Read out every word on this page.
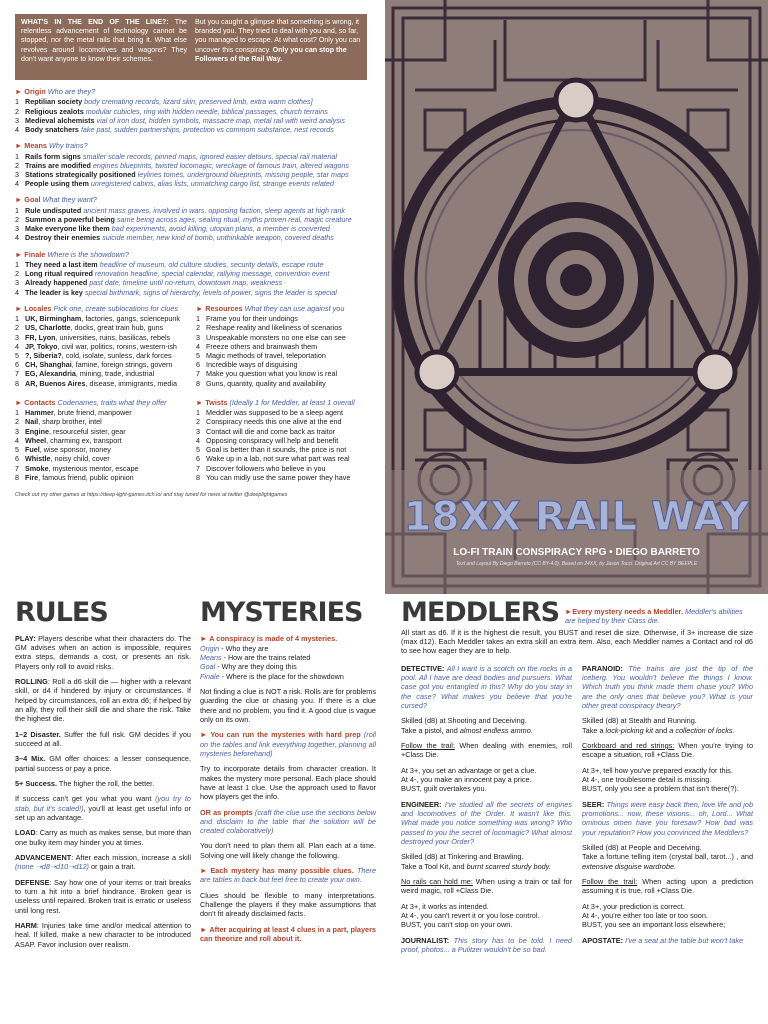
WHAT'S IN THE END OF THE LINE?: The relentless advancement of technology cannot be stopped, nor the metal rails that bring it. What else revolves around locomotives and wagons? They don't want anyone to know their schemes.
But you caught a glimpse that something is wrong, it branded you. They tried to deal with you and, so far, you managed to escape. At what cost? Only you can uncover this conspiracy. Only you can stop the Followers of the Rail Way.
► Origin Who are they?
1 Reptilian society
body cremating records, lizard skin, preserved limb, extra warm clothes]
2 Religious zealots
modular cubicles, ring with hidden needle, biblical passages, church terrains
3 Medieval alchemists
vial of iron dust, hidden symbols, massacre map, metal rail with weird analysis
4 Body snatchers
fake past, sudden partnerships, protection vs commom substance, nest records
► Means Why trains?
1 Rails form signs
smaller scale records, pinned maps, ignored easier detours, special rail material
2 Trains are modified
engines blueprints, twisted locomagic, wreckage of famous train, altered wagons
3 Stations strategically positioned
leylines tomes, underground blueprints, missing people, star maps
4 People using them
unregistered cabins, alias lists, unmatching cargo list, strange events related
► Goal What they want?
1 Rule undisputed
ancient mass graves, involved in wars, opposing faction, sleep agents at high rank
2 Summon a powerful being
same being across ages, sealing ritual, myths proven real, magic creature
3 Make everyone like them
bad experiments, avoid killing, utopian plans, a member is converted
4 Destroy their enemies
suicide member, new kind of bomb, unthinkable weapon, covered deaths
► Finale Where is the showdown?
1 They need a last item
headline of museum, old culture studies, security details, escape route
2 Long ritual required
renovation headline, special calendar, rallying message, convention event
3 Already happened
past date, timeline until no-return, downtown map, weakness
4 The leader is key
special birthmark, signs of hierarchy, levels of power, signs the leader is special
► Locales Pick one, create sublocations for clues
1 UK, Birmingham , factories, gangs, sciencepunk
2 US, Charlotte , docks, great train hub, guns
3 FR, Lyon , universities, ruins, basilicas, rebels
4 JP, Tokyo , civil war, politics, ronins, western-ish
5 ?, Siberia? , cold, isolate, sunless, dark forces
6 CH, Shanghai , famine, foreign strings, govern
7 EG, Alexandria , mining, trade, industrial
8 AR, Buenos Aires , disease, immigrants, media
► Resources What they can use against you
1 Frame you for their undoings
2 Reshape reality and likeliness of scenarios
3 Unspeakable monsters no one else can see
4 Freeze others and brainwash them
5 Magic methods of travel, teleportation
6 Incredible ways of disguising
7 Make you question what you know is real
8 Guns, quantity, quality and availability
► Contacts Codenames, traits what they offer
1 Hammer , brute friend, manpower
2 Nail , sharp brother, intel
3 Engine , resourceful sister, gear
4 Wheel , charming ex, transport
5 Fuel , wise sponsor, money
6 Whistle , noisy child, cover
7 Smoke , mysterious mentor, escape
8 Fire , famous friend, public opinion
► Twists (Ideally 1 for Meddler, at least 1 overall
1 Meddler was supposed to be a sleep agent
2 Conspiracy needs this one alive at the end
3 Contact will die and come back as traitor
4 Opposing conspiracy will help and benefit
5 Goal is better than it sounds, the price is not
6 Wake up in a lab, not sure what part was real
7 Discover followers who believe in you
8 You can midly use the same power they have
Check out my other games at https://deep-light-games.itch.io/ and stay tuned for news at twitter @deeplightgames	18XX RAIL WAY
LO-FI TRAIN CONSPIRACY RPG • DIEGO BARRETO
Text and Layout By Diego Barreto (CC BY-4.0). Based on 24XX, by Jason Tocci. Original Art CC BY BEEPLE
RULES
PLAY: Players describe what their characters do. The GM advises when an action is impossible, requires extra steps, demands a cost, or presents an risk. Players only roll to avoid risks.
ROLLING: Roll a d6 skill die — higher with a relevant skill, or d4 if hindered by injury or circumstances. If helped by circumstances, roll an extra d6; if helped by an ally, they roll their skill die and share the risk. Take the highest die.
1–2 Disaster. Suffer the full risk. GM decides if you succeed at all.
3–4 Mix. GM offer choices: a lesser consequence, partial success or pay a price.
5+ Success. The higher the roll, the better.
If success can't get you what you want (you try to stab, but it's scaled!), you'll at least get useful info or set up an advantage.
LOAD: Carry as much as makes sense, but more than one bulky item may hinder you at times.
ADVANCEMENT: After each mission, increase a skill (none ➝d8➝d10➝d12) or gain a trait.
DEFENSE: Say how one of your items or trait breaks to turn a hit into a brief hindrance. Broken gear is useless until repaired. Broken trait is erratic or useless until long rest.
HARM: Injuries take time and/or medical attention to heal. If killed, make a new character to be introduced ASAP. Favor inclusion over realism.
MYSTERIES
► A conspiracy is made of 4 mysteries.
Origin - Who they are
Means - How are the trains related
Goal - Why are they doing this
Finale - Where is the place for the showdown
Not finding a clue is NOT a risk. Rolls are for problems guarding the clue or chasing you. If there is a clue there and no problem, you find it. A good clue is vague only on its own.
► You can run the mysteries with hard prep (roll on the tables and link everything together, planning all mysteries beforehand)
Try to incorporate details from character creation. It makes the mystery more personal. Each place should have at least 1 clue. Use the approach used to flavor how players get the info.
OR as prompts (craft the clue use the sections below and disclaim to the table that the solution will be created colaboratively)
You don't need to plan them all. Plan each at a time. Solving one will likely change the following.
► Each mystery has many possible clues. There are tables in back but feel free to create your own.
Clues should be flexible to many interpretations. Challenge the players if they make assumptions that don't fit already disclaimed facts.
► After acquiring at least 4 clues in a part, players can theorize and roll about it.
MEDDLERS ►Every mystery needs a Meddler. Meddler's abilities are helped by their Class die.
All start as d6. If it is the highest die result, you BUST and reset die size. Otherwise, if 3+ increase die size (max d12). Each Meddler takes an extra skill an extra item. Also, each Meddler names a Contact and rol d6 to see how eager they are to help.
DETECTIVE: All I want is a scotch on the rocks in a pool. All I have are dead bodies and pursuers. What case got you entangled in this? Why do you stay in the case? What makes you believe that you're cursed?
Skilled (d8) at Shooting and Deceiving.
Take a pistol, and almost endless ammo.
Follow the trail: When dealing with enemies, roll +Class Die.
At 3+, you set an advantage or get a clue.
At 4-, you make an innocent pay a price.
BUST, guilt overtakes you.
ENGINEER: I've studied all the secrets of engines and locomotives of the Order. It wasn't like this. What made you notice something was wrong? Who passed to you the secret of locomagic? What almost destroyed your Order?
Skilled (d8) at Tinkering and Brawling.
Take a Tool Kit, and burnt scarred sturdy body.
No rails can hold me: When using a train or tail for weird magic, roll +Class Die.
At 3+, it works as intended.
At 4-, you can't revert it or you lose control.
BUST, you can't stop on your own.
JOURNALIST: This story has to be told. I need proof, photos... a Pulitzer wouldn't be so bad.
PARANOID: The trains are just the tip of the iceberg. You wouldn't believe the things I know. Which truth you think made them chase you? Who are the only ones that believe you? What is your other great conspiracy theory?
Skilled (d8) at Stealth and Running.
Take a lock-picking kit and a collection of locks.
Corkboard and red strings: When you're trying to escape a situation, roll +Class Die.
At 3+, tell how you've prepared exactly for this.
At 4-, one troublesome detail is missing.
BUST, only you see a problem that isn't there(?).
SEER: Things were easy back then, love life and job promotions... now, these visions... oh, Lord... What ominous omen have you foresaw? How bad was your reputation? How you convinced the Meddlers?
Skilled (d8) at People and Deceiving.
Take a fortune telling item (crystal ball, tarot...) , and extensive disguise wardrobe.
Follow the trail: When acting upon a prediction assuming it is true, roll +Class Die.
At 3+, your prediction is correct.
At 4-, you're either too late or too soon.
BUST, you see an important loss elsewhere;
APOSTATE: I've a seat at the table but won't take
